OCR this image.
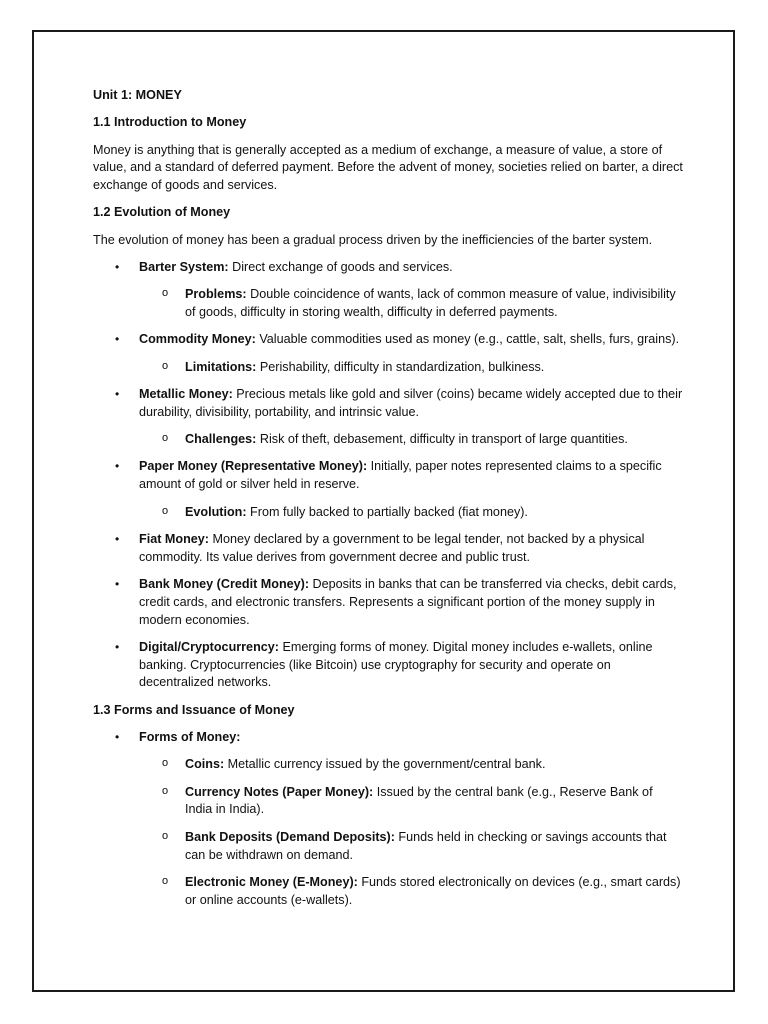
Unit 1: MONEY

1.1 Introduction to Money

Money is anything that is generally accepted as a medium of exchange, a measure of value, a store of value, and a standard of deferred payment. Before the advent of money, societies relied on barter, a direct exchange of goods and services.

1.2 Evolution of Money

The evolution of money has been a gradual process driven by the inefficiencies of the barter system.

• Barter System: Direct exchange of goods and services.
o Problems: Double coincidence of wants, lack of common measure of value, indivisibility of goods, difficulty in storing wealth, difficulty in deferred payments.
• Commodity Money: Valuable commodities used as money (e.g., cattle, salt, shells, furs, grains).
o Limitations: Perishability, difficulty in standardization, bulkiness.
• Metallic Money: Precious metals like gold and silver (coins) became widely accepted due to their durability, divisibility, portability, and intrinsic value.
o Challenges: Risk of theft, debasement, difficulty in transport of large quantities.
• Paper Money (Representative Money): Initially, paper notes represented claims to a specific amount of gold or silver held in reserve.
o Evolution: From fully backed to partially backed (fiat money).
• Fiat Money: Money declared by a government to be legal tender, not backed by a physical commodity. Its value derives from government decree and public trust.
• Bank Money (Credit Money): Deposits in banks that can be transferred via checks, debit cards, credit cards, and electronic transfers. Represents a significant portion of the money supply in modern economies.
• Digital/Cryptocurrency: Emerging forms of money. Digital money includes e-wallets, online banking. Cryptocurrencies (like Bitcoin) use cryptography for security and operate on decentralized networks.

1.3 Forms and Issuance of Money

• Forms of Money:
o Coins: Metallic currency issued by the government/central bank.
o Currency Notes (Paper Money): Issued by the central bank (e.g., Reserve Bank of India in India).
o Bank Deposits (Demand Deposits): Funds held in checking or savings accounts that can be withdrawn on demand.
o Electronic Money (E-Money): Funds stored electronically on devices (e.g., smart cards) or online accounts (e-wallets).
